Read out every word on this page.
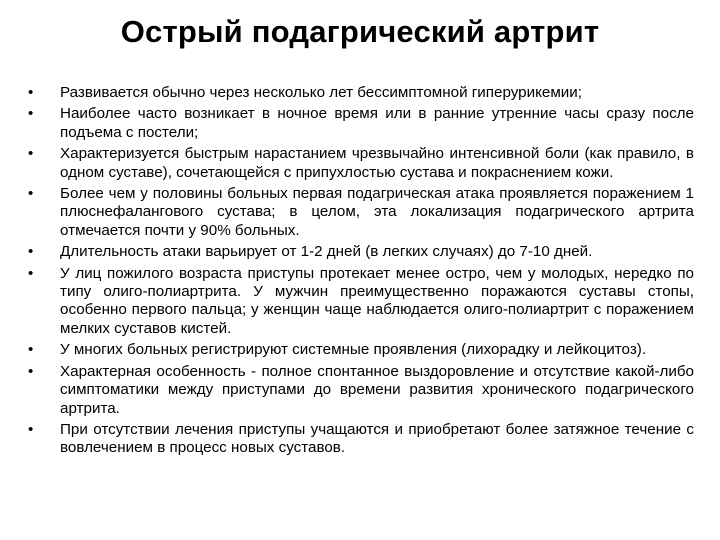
Острый подагрический артрит
•	Развивается обычно через несколько лет бессимптомной гиперурикемии;
•	Наиболее часто возникает в ночное время или в ранние утренние часы сразу после подъема с постели;
•	Характеризуется быстрым нарастанием чрезвычайно интенсивной боли (как правило, в одном суставе), сочетающейся с припухлостью сустава и покраснением кожи.
•	Более чем у половины больных первая подагрическая атака проявляется поражением 1 плюснефалангового сустава; в целом, эта локализация подагрического артрита отмечается почти у 90% больных.
•	Длительность атаки варьирует от 1-2 дней (в легких случаях) до 7-10 дней.
•	У лиц пожилого возраста приступы протекает менее остро, чем у молодых, нередко по типу олиго-полиартрита. У мужчин преимущественно поражаются суставы стопы, особенно первого пальца; у женщин чаще наблюдается олиго-полиартрит с поражением мелких суставов кистей.
•	У многих больных регистрируют системные проявления (лихорадку и лейкоцитоз).
•	Характерная особенность - полное спонтанное выздоровление и отсутствие какой-либо симптоматики между приступами до времени развития хронического подагрического артрита.
•	При отсутствии лечения приступы учащаются и приобретают более затяжное течение с вовлечением в процесс новых суставов.
